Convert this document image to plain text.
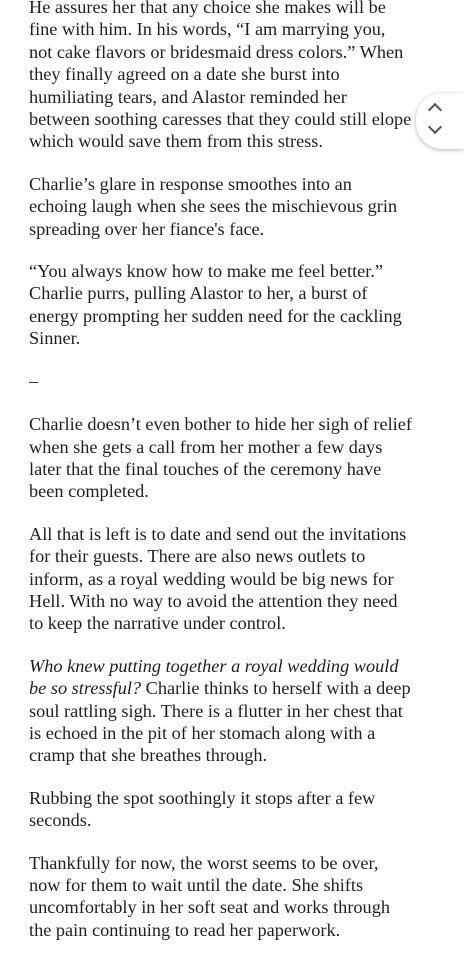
He assures her that any choice she makes will be
fine with him. In his words, “I am marrying you,
not cake flavors or bridesmaid dress colors.” When
they finally agreed on a date she burst into
humiliating tears, and Alastor reminded her
between soothing caresses that they could still elope
which would save them from this stress.

Charlie’s glare in response smoothes into an
echoing laugh when she sees the mischievous grin
spreading over her fiance's face.

“You always know how to make me feel better.”
Charlie purrs, pulling Alastor to her, a burst of
energy prompting her sudden need for the cackling
Sinner.

–

Charlie doesn’t even bother to hide her sigh of relief
when she gets a call from her mother a few days
later that the final touches of the ceremony have
been completed.

All that is left is to date and send out the invitations
for their guests. There are also news outlets to
inform, as a royal wedding would be big news for
Hell. With no way to avoid the attention they need
to keep the narrative under control.

Who knew putting together a royal wedding would
be so stressful? Charlie thinks to herself with a deep
soul rattling sigh. There is a flutter in her chest that
is echoed in the pit of her stomach along with a
cramp that she breathes through.

Rubbing the spot soothingly it stops after a few
seconds.

Thankfully for now, the worst seems to be over,
now for them to wait until the date. She shifts
uncomfortably in her soft seat and works through
the pain continuing to read her paperwork.
